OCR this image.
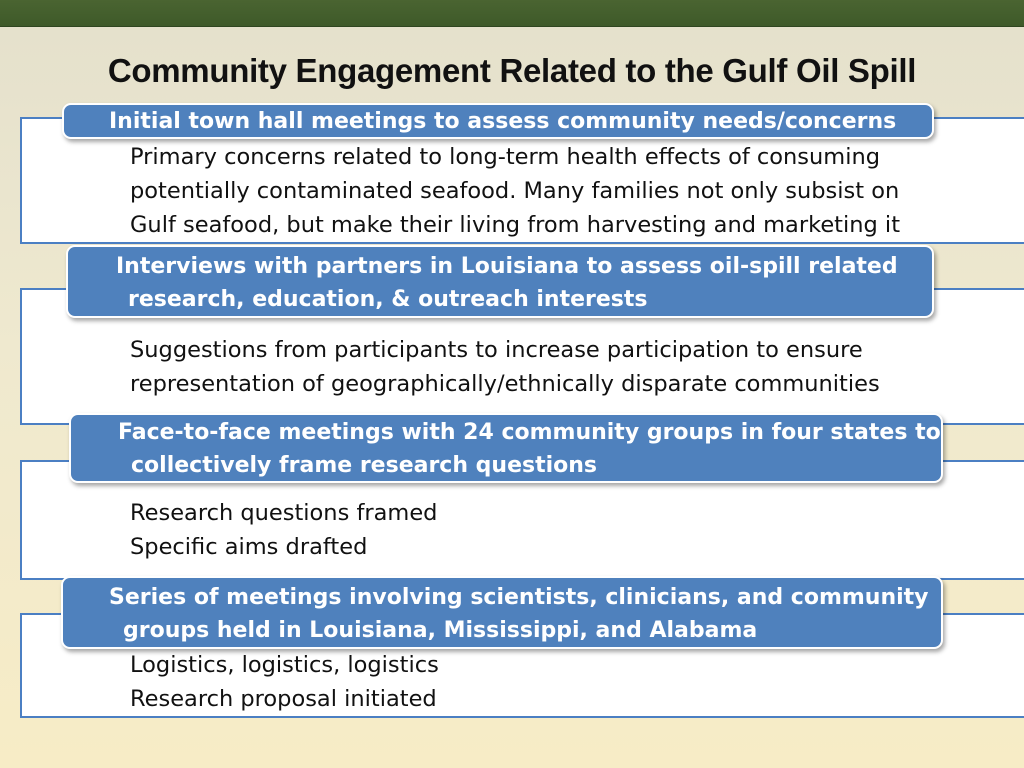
Community Engagement Related to the Gulf Oil Spill
Primary concerns related to long-term health effects of consuming
potentially contaminated seafood. Many families not only subsist on
Gulf seafood, but make their living from harvesting and marketing it
Initial town hall meetings to assess community needs/concerns
Suggestions from participants to increase participation to ensure
representation of geographically/ethnically disparate communities
Interviews with partners in Louisiana to assess oil-spill related
research, education, & outreach interests
Research questions framed
Specific aims drafted
Face-to-face meetings with 24 community groups in four states to
collectively frame research questions
Logistics, logistics, logistics
Research proposal initiated
Series of meetings involving scientists, clinicians, and community
groups held in Louisiana, Mississippi, and Alabama
